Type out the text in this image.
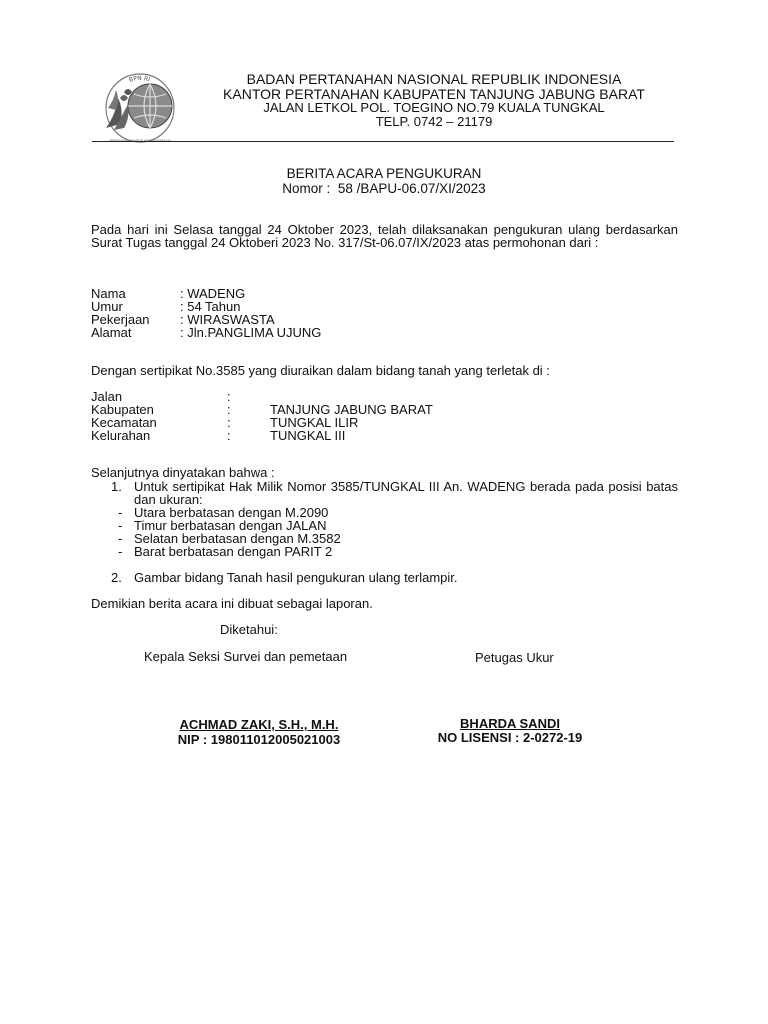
BPN RI
PERTANAHAN UNTUK KESEJAHTERAAN
BADAN PERTANAHAN NASIONAL REPUBLIK INDONESIA
KANTOR PERTANAHAN KABUPATEN TANJUNG JABUNG BARAT
JALAN LETKOL POL. TOEGINO NO.79 KUALA TUNGKAL
TELP. 0742 – 21179
BERITA ACARA PENGUKURAN
Nomor : 58 /BAPU-06.07/XI/2023
Pada hari ini Selasa tanggal 24 Oktober 2023, telah dilaksanakan pengukuran ulang berdasarkan Surat Tugas tanggal 24 Oktoberi 2023 No. 317/St-06.07/IX/2023 atas permohonan dari :
Nama	: WADENG
Umur	: 54 Tahun
Pekerjaan : WIRASWASTA
Alamat	: Jln.PANGLIMA UJUNG
Dengan sertipikat No.3585 yang diuraikan dalam bidang tanah yang terletak di :
Jalan	:
Kabupaten	:	TANJUNG JABUNG BARAT
Kecamatan	:	TUNGKAL ILIR
Kelurahan	:	TUNGKAL III
Selanjutnya dinyatakan bahwa :
1. Untuk sertipikat Hak Milik Nomor 3585/TUNGKAL III An. WADENG berada pada posisi batas dan ukuran:
- Utara berbatasan dengan M.2090
- Timur berbatasan dengan JALAN
- Selatan berbatasan dengan M.3582
- Barat berbatasan dengan PARIT 2
2. Gambar bidang Tanah hasil pengukuran ulang terlampir.
Demikian berita acara ini dibuat sebagai laporan.
Diketahui:
Kepala Seksi Survei dan pemetaan	Petugas Ukur
ACHMAD ZAKI, S.H., M.H.
NIP : 198011012005021003
BHARDA SANDI
NO LISENSI : 2-0272-19
